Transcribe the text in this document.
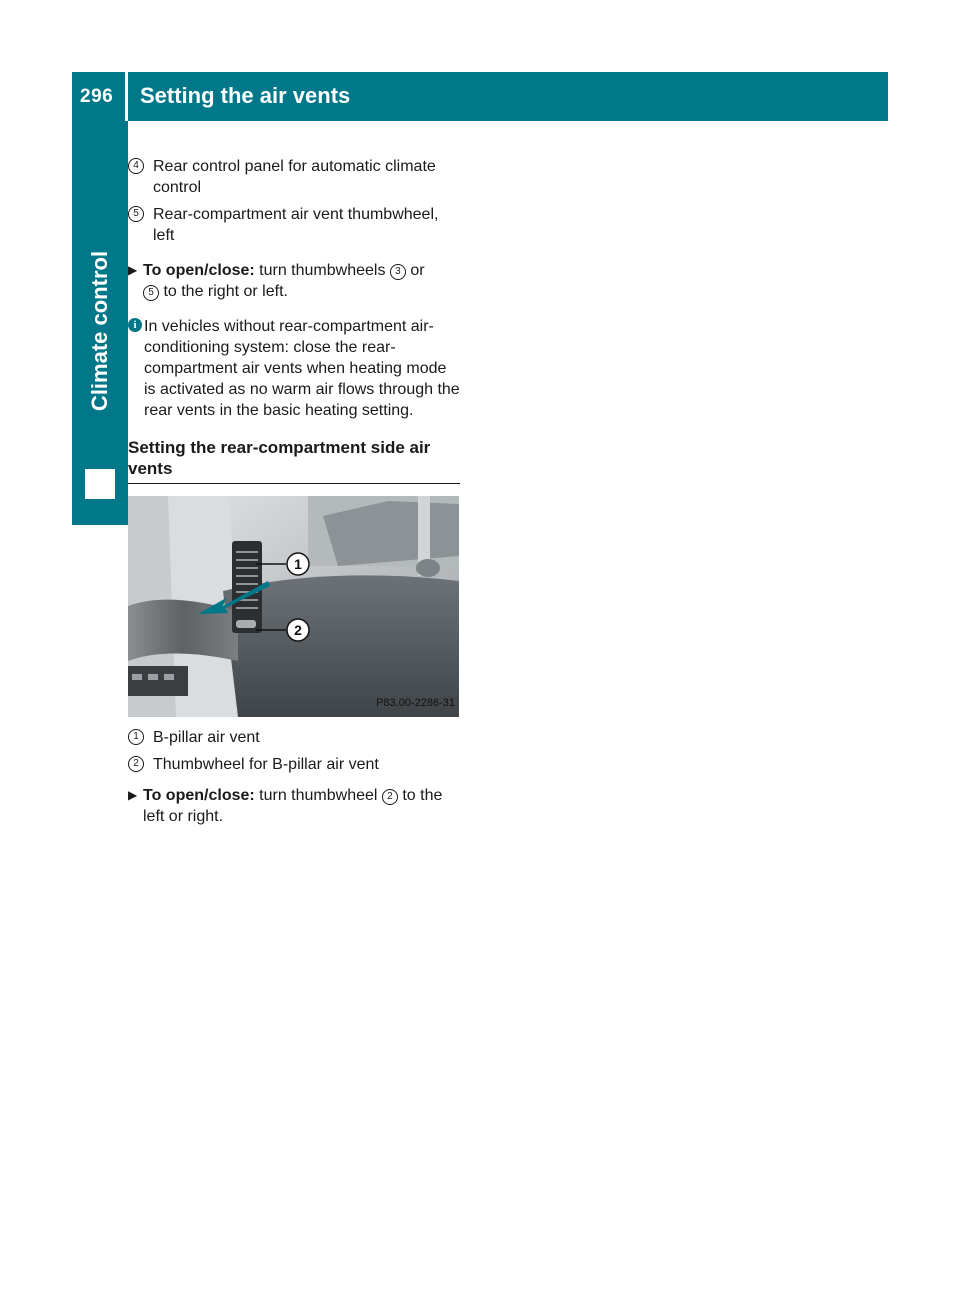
296 Setting the air vents
Climate control
4 Rear control panel for automatic climate control
5 Rear-compartment air vent thumbwheel, left
▶ To open/close: turn thumbwheels 3 or
5 to the right or left.
i In vehicles without rear-compartment air-conditioning system: close the rear-compartment air vents when heating mode is activated as no warm air flows through the rear vents in the basic heating setting.
Setting the rear-compartment side air vents
1
2
P83.00-2286-31
1 B-pillar air vent
2 Thumbwheel for B-pillar air vent
▶ To open/close: turn thumbwheel 2 to the left or right.
